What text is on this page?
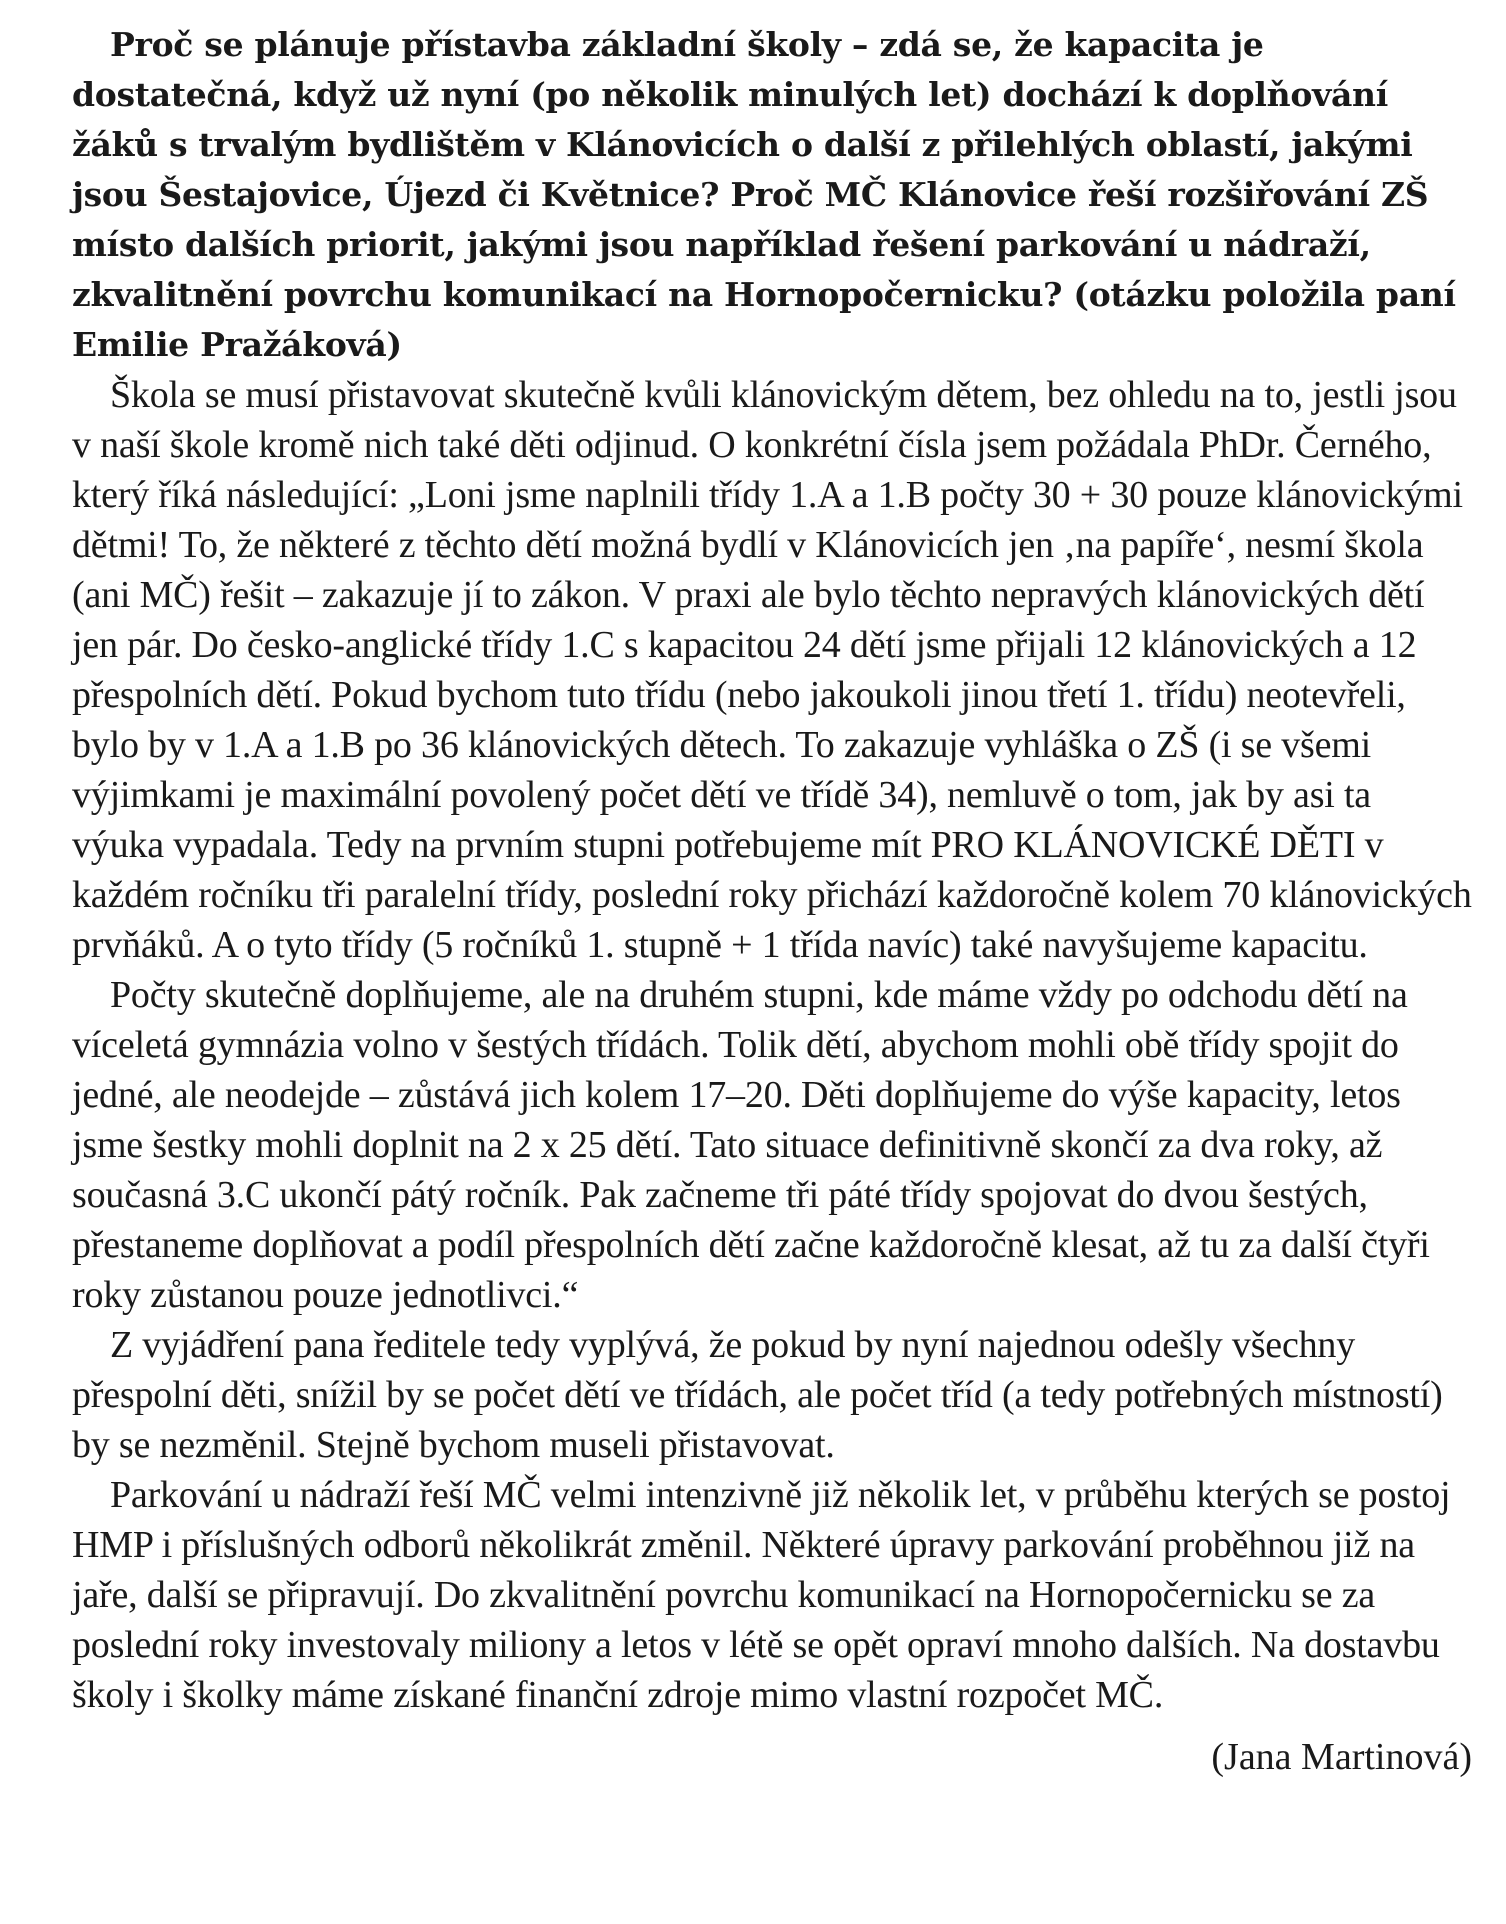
Proč se plánuje přístavba základní školy – zdá se, že kapacita je dostatečná, když už nyní (po několik minulých let) dochází k doplňování žáků s trvalým bydlištěm v Klánovicích o další z přilehlých oblastí, jakými jsou Šestajovice, Újezd či Květnice? Proč MČ Klánovice řeší rozšiřování ZŠ místo dalších priorit, jakými jsou například řešení parkování u nádraží, zkvalitnění povrchu komunikací na Hornopočernicku? (otázku položila paní Emilie Pražáková)

Škola se musí přistavovat skutečně kvůli klánovickým dětem, bez ohledu na to, jestli jsou v naší škole kromě nich také děti odjinud. O konkrétní čísla jsem požádala PhDr. Černého, který říká následující: „Loni jsme naplnili třídy 1.A a 1.B počty 30 + 30 pouze klánovickými dětmi! To, že některé z těchto dětí možná bydlí v Klánovicích jen ‚na papíře‘, nesmí škola (ani MČ) řešit – zakazuje jí to zákon. V praxi ale bylo těchto nepravých klánovických dětí jen pár. Do česko-anglické třídy 1.C s kapacitou 24 dětí jsme přijali 12 klánovických a 12 přespolních dětí. Pokud bychom tuto třídu (nebo jakoukoli jinou třetí 1. třídu) neotevřeli, bylo by v 1.A a 1.B po 36 klánovických dětech. To zakazuje vyhláška o ZŠ (i se všemi výjimkami je maximální povolený počet dětí ve třídě 34), nemluvě o tom, jak by asi ta výuka vypadala. Tedy na prvním stupni potřebujeme mít PRO KLÁNOVICKÉ DĚTI v každém ročníku tři paralelní třídy, poslední roky přichází každoročně kolem 70 klánovických prvňáků. A o tyto třídy (5 ročníků 1. stupně + 1 třída navíc) také navyšujeme kapacitu.

Počty skutečně doplňujeme, ale na druhém stupni, kde máme vždy po odchodu dětí na víceletá gymnázia volno v šestých třídách. Tolik dětí, abychom mohli obě třídy spojit do jedné, ale neodejde – zůstává jich kolem 17–20. Děti doplňujeme do výše kapacity, letos jsme šestky mohli doplnit na 2 x 25 dětí. Tato situace definitivně skončí za dva roky, až současná 3.C ukončí pátý ročník. Pak začneme tři páté třídy spojovat do dvou šestých, přestaneme doplňovat a podíl přespolních dětí začne každoročně klesat, až tu za další čtyři roky zůstanou pouze jednotlivci.“

Z vyjádření pana ředitele tedy vyplývá, že pokud by nyní najednou odešly všechny přespolní děti, snížil by se počet dětí ve třídách, ale počet tříd (a tedy potřebných místností) by se nezměnil. Stejně bychom museli přistavovat.

Parkování u nádraží řeší MČ velmi intenzivně již několik let, v průběhu kterých se postoj HMP i příslušných odborů několikrát změnil. Některé úpravy parkování proběhnou již na jaře, další se připravují. Do zkvalitnění povrchu komunikací na Hornopočernicku se za poslední roky investovaly miliony a letos v létě se opět opraví mnoho dalších. Na dostavbu školy i školky máme získané finanční zdroje mimo vlastní rozpočet MČ.

(Jana Martinová)
